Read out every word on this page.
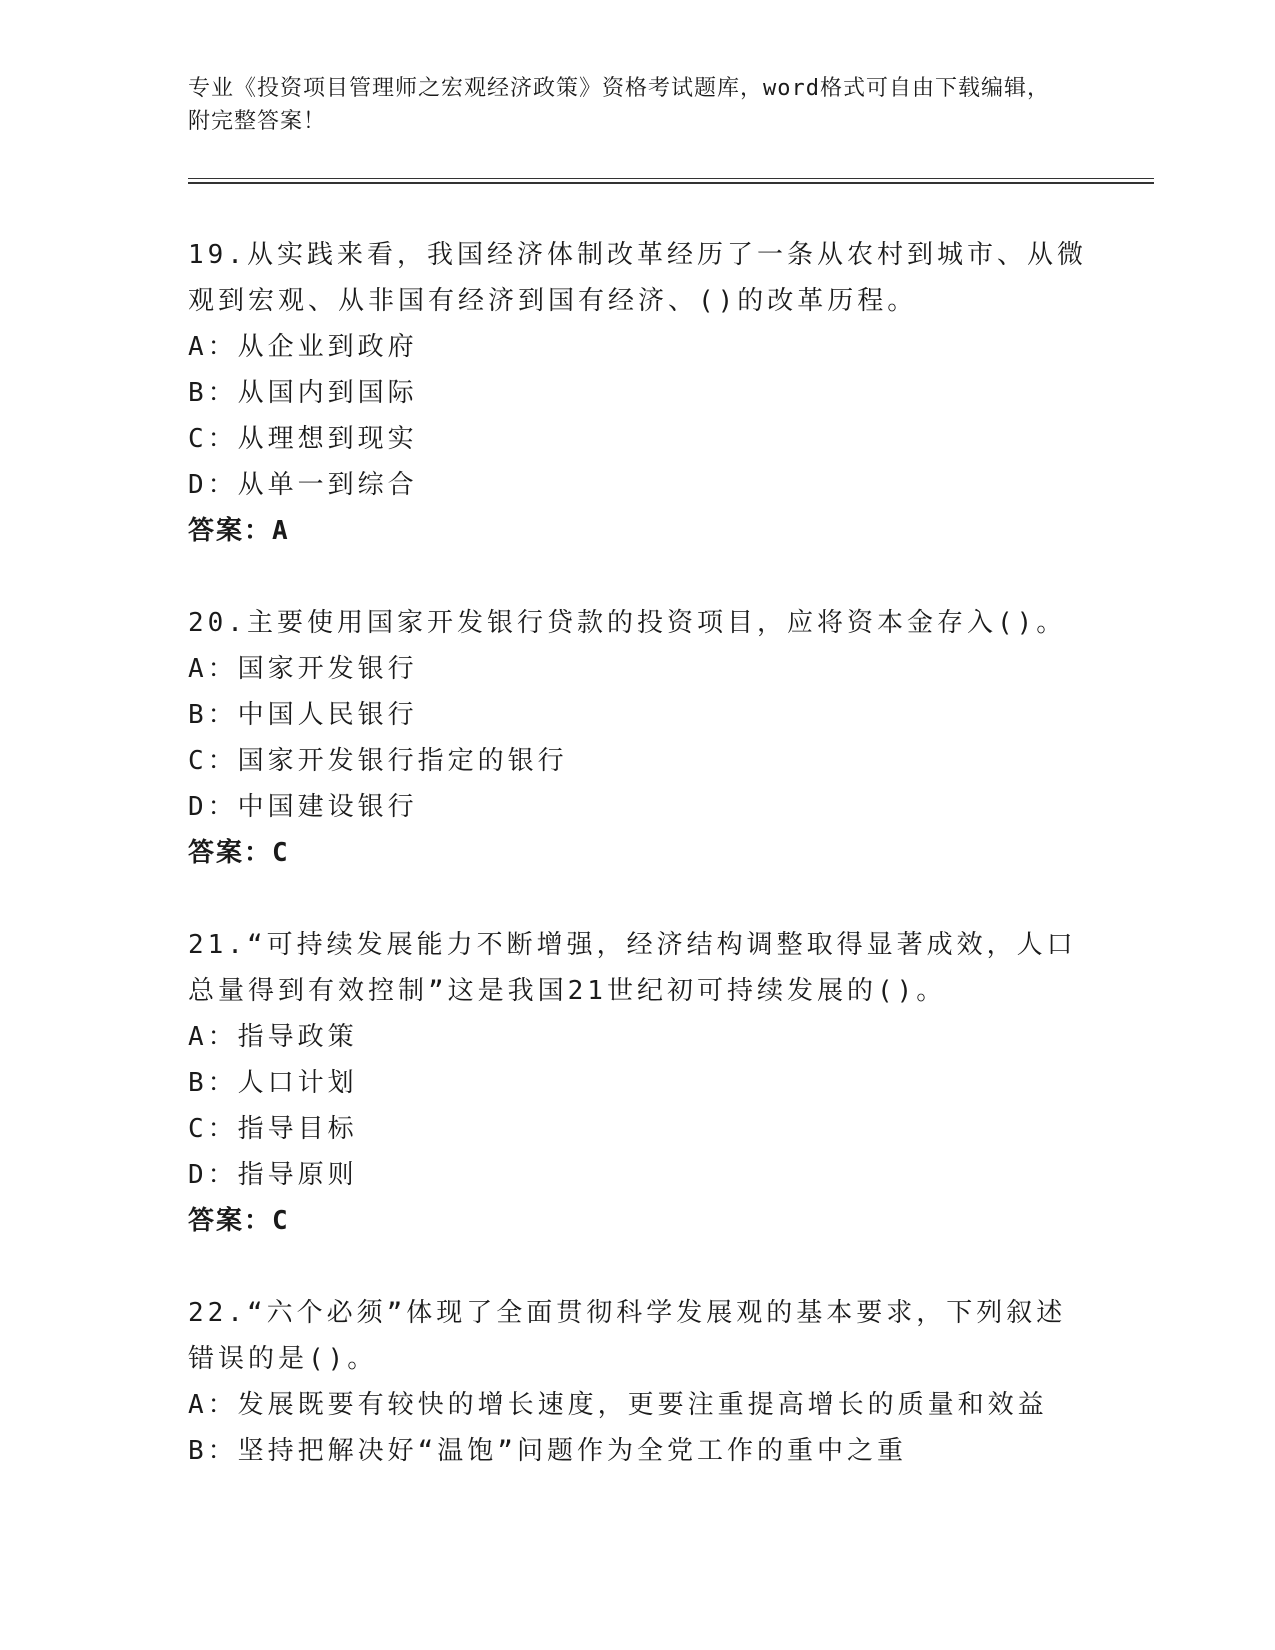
专业《投资项目管理师之宏观经济政策》资格考试题库，word格式可自由下载编辑，附完整答案！

19.从实践来看，我国经济体制改革经历了一条从农村到城市、从微观到宏观、从非国有经济到国有经济、()的改革历程。

A：从企业到政府

B：从国内到国际

C：从理想到现实

D：从单一到综合

答案：A

20.主要使用国家开发银行贷款的投资项目，应将资本金存入()。

A：国家开发银行

B：中国人民银行

C：国家开发银行指定的银行

D：中国建设银行

答案：C

21.“可持续发展能力不断增强，经济结构调整取得显著成效，人口总量得到有效控制”这是我国21世纪初可持续发展的()。

A：指导政策

B：人口计划

C：指导目标

D：指导原则

答案：C

22.“六个必须”体现了全面贯彻科学发展观的基本要求，下列叙述错误的是()。

A：发展既要有较快的增长速度，更要注重提高增长的质量和效益

B：坚持把解决好“温饱”问题作为全党工作的重中之重
